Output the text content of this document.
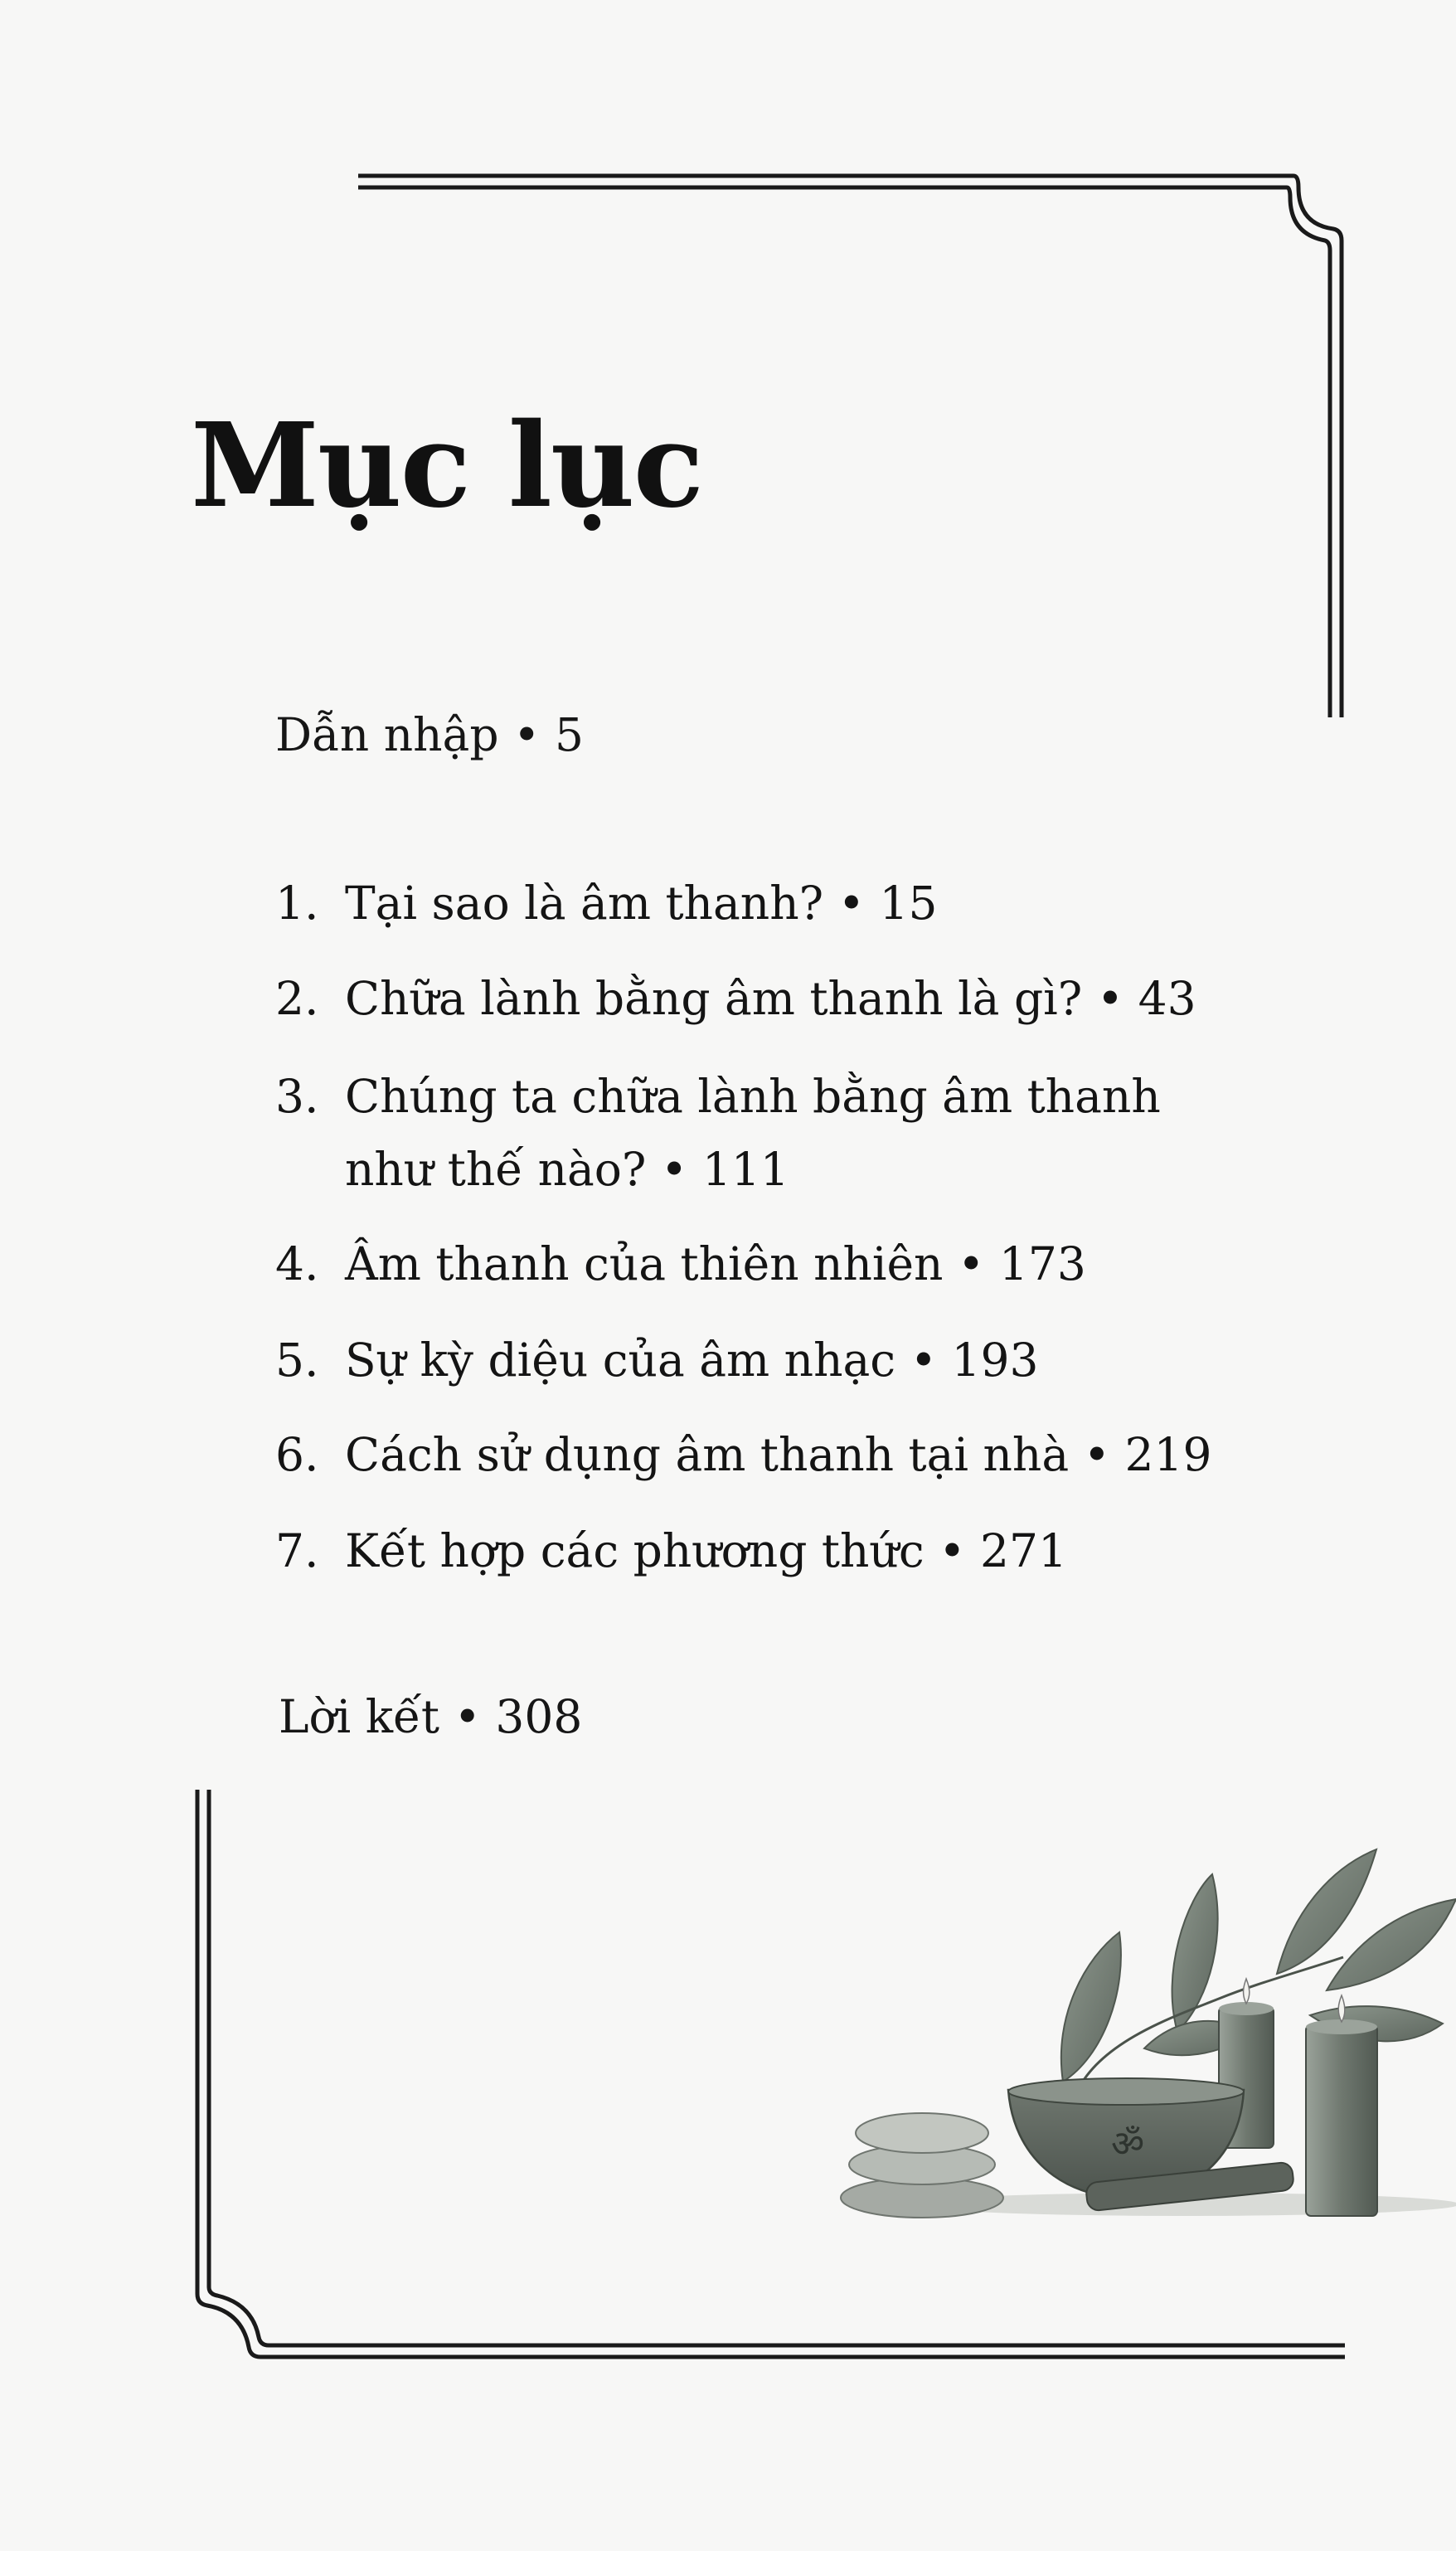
Mục lục
Dẫn nhập • 5
1. Tại sao là âm thanh? • 15
2. Chữa lành bằng âm thanh là gì? • 43
3. Chúng ta chữa lành bằng âm thanh
như thế nào? • 111
4. Âm thanh của thiên nhiên • 173
5. Sự kỳ diệu của âm nhạc • 193
6. Cách sử dụng âm thanh tại nhà • 219
7. Kết hợp các phương thức • 271
Lời kết • 308
ॐ
